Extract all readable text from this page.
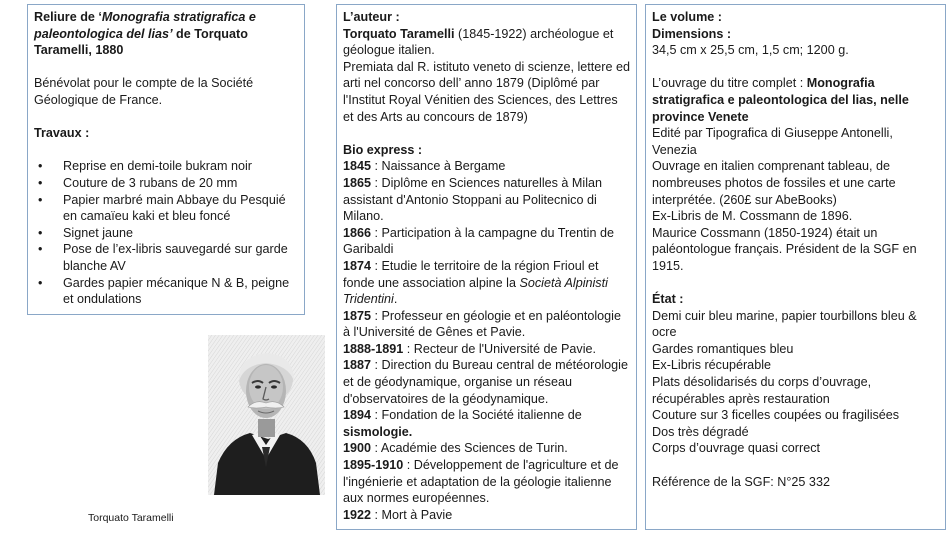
Reliure de ‘Monografia stratigrafica e paleontologica del lias’ de Torquato Taramelli, 1880

Bénévolat pour le compte de la Société Géologique de France.

Travaux :

• Reprise en demi-toile bukram noir
• Couture de 3 rubans de 20 mm
• Papier marbré main Abbaye du Pesquié en camaïeu kaki et bleu foncé
• Signet jaune
• Pose de l’ex-libris sauvegardé sur garde blanche AV
• Gardes papier mécanique N & B, peigne et ondulations
Torquato Taramelli

L’auteur :

Torquato Taramelli (1845-1922) archéologue et géologue italien.

Premiata dal R. istituto veneto di scienze, lettere ed arti nel concorso dell’ anno 1879 (Diplômé par l'Institut Royal Vénitien des Sciences, des Lettres et des Arts au concours de 1879)

Bio express :

1845 : Naissance à Bergame

1865 : Diplôme en Sciences naturelles à Milan assistant d'Antonio Stoppani au Politecnico di Milano.

1866 : Participation à la campagne du Trentin de Garibaldi

1874 : Etudie le territoire de la région Frioul et fonde une association alpine la Società Alpinisti Tridentini.

1875 : Professeur en géologie et en paléontologie à l'Université de Gênes et Pavie.

1888-1891 : Recteur de l'Université de Pavie.

1887 : Direction du Bureau central de météorologie et de géodynamique, organise un réseau d'observatoires de la géodynamique.

1894 : Fondation de la Société italienne de sismologie.

1900 : Académie des Sciences de Turin.

1895-1910 : Développement de l'agriculture et de l'ingénierie et adaptation de la géologie italienne aux normes européennes.

1922 : Mort à Pavie

Le volume :

Dimensions :

34,5 cm x 25,5 cm, 1,5 cm; 1200 g.

L’ouvrage du titre complet : Monografia stratigrafica e paleontologica del lias, nelle province Venete

Edité par Tipografica di Giuseppe Antonelli, Venezia

Ouvrage en italien comprenant tableau, de nombreuses photos de fossiles et une carte interprétée. (260£ sur AbeBooks)

Ex-Libris de M. Cossmann de 1896.

Maurice Cossmann (1850-1924) était un paléontologue français. Président de la SGF en 1915.

État :

Demi cuir bleu marine, papier tourbillons bleu & ocre

Gardes romantiques bleu

Ex-Libris récupérable

Plats désolidarisés du corps d’ouvrage, récupérables après restauration

Couture sur 3 ficelles coupées ou fragilisées

Dos très dégradé

Corps d’ouvrage quasi correct

Référence de la SGF: N°25 332
